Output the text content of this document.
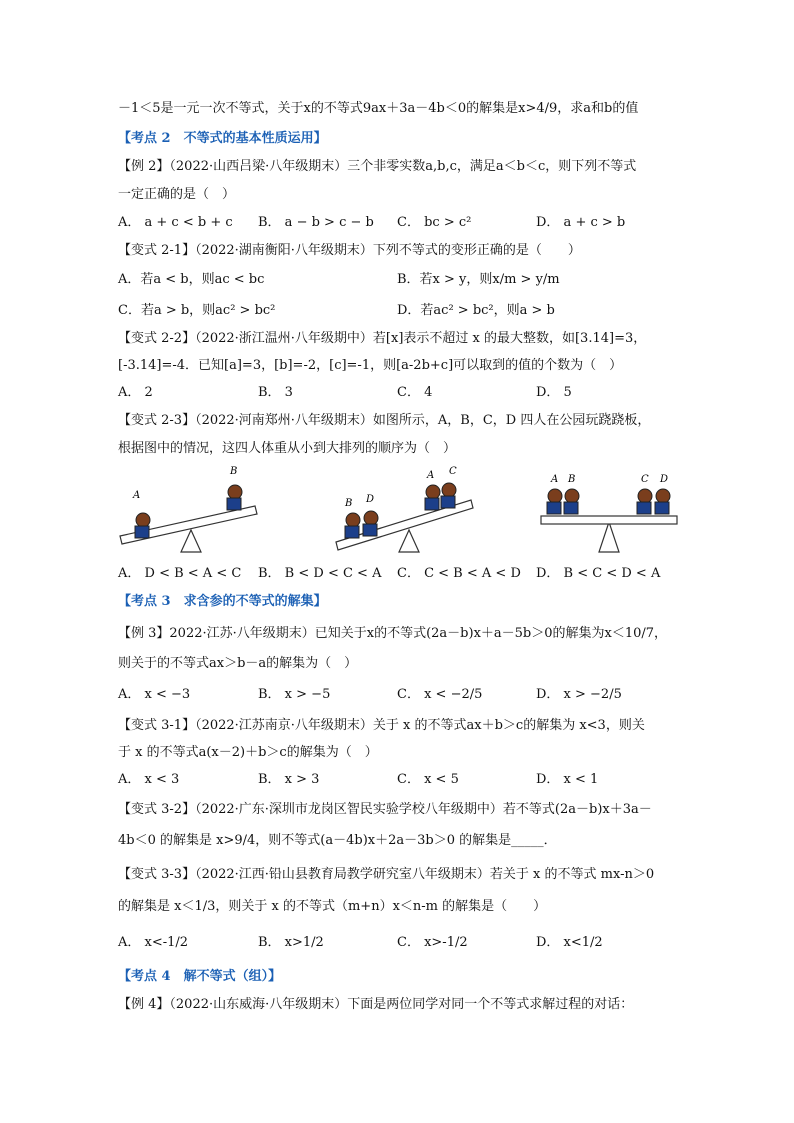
－1＜5是一元一次不等式，关于x的不等式9ax＋3a－4b＜0的解集是x>4/9，求a和b的值
【考点 2　不等式的基本性质运用】
【例 2】（2022·山西吕梁·八年级期末）三个非零实数a,b,c，满足a＜b＜c，则下列不等式
一定正确的是（　）
A． a + c < b + c B． a − b > c − b C． bc > c²	D． a + c > b
【变式 2-1】（2022·湖南衡阳·八年级期末）下列不等式的变形正确的是（　　）
A．若a < b，则ac < bc	B．若x > y，则x/m > y/m
C．若a > b，则ac² > bc²	D．若ac² > bc²，则a > b
【变式 2-2】（2022·浙江温州·八年级期中）若[x]表示不超过 x 的最大整数，如[3.14]=3，
[-3.14]=-4．已知[a]=3，[b]=-2，[c]=-1，则[a-2b+c]可以取到的值的个数为（　）
A． 2	B． 3	C． 4	D． 5
【变式 2-3】（2022·河南郑州·八年级期末）如图所示，A，B，C，D 四人在公园玩跷跷板，
根据图中的情况，这四人体重从小到大排列的顺序为（　）
A
B
B D
A C
A B	C D
A． D < B < A < C B． B < D < C < A C． C < B < A < D D． B < C < D < A
【考点 3　求含参的不等式的解集】
【例 3】2022·江苏·八年级期末）已知关于x的不等式(2a－b)x＋a－5b＞0的解集为x＜10/7，
则关于的不等式ax＞b－a的解集为（　）
A． x < −3	B． x > −5	C． x < −2/5	D． x > −2/5
【变式 3-1】（2022·江苏南京·八年级期末）关于 x 的不等式ax＋b＞c的解集为 x<3，则关
于 x 的不等式a(x－2)＋b＞c的解集为（　）
A． x < 3	B． x > 3	C． x < 5	D． x < 1
【变式 3-2】（2022·广东·深圳市龙岗区智民实验学校八年级期中）若不等式(2a－b)x＋3a－
4b＜0 的解集是 x>9/4，则不等式(a－4b)x＋2a－3b＞0 的解集是_____．
【变式 3-3】（2022·江西·铅山县教育局教学研究室八年级期末）若关于 x 的不等式 mx-n＞0
的解集是 x＜1/3，则关于 x 的不等式（m+n）x＜n-m 的解集是（　　）
A． x<-1/2	B． x>1/2	C． x>-1/2	D． x<1/2
【考点 4　解不等式（组）】
【例 4】（2022·山东威海·八年级期末）下面是两位同学对同一个不等式求解过程的对话：
